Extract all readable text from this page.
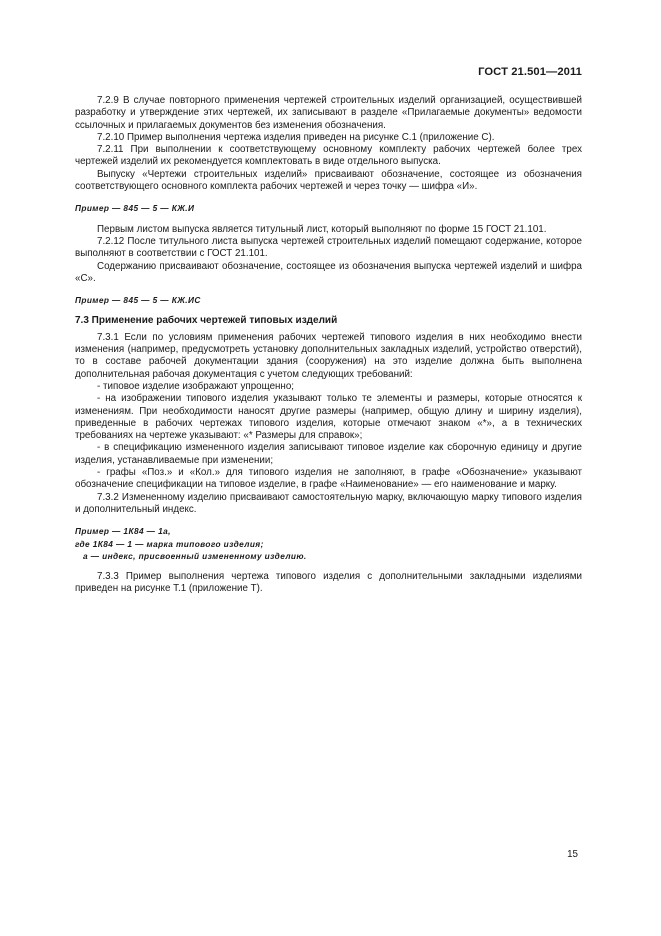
ГОСТ 21.501—2011

7.2.9 В случае повторного применения чертежей строительных изделий организацией, осуществившей разработку и утверждение этих чертежей, их записывают в разделе «Прилагаемые документы» ведомости ссылочных и прилагаемых документов без изменения обозначения.

7.2.10 Пример выполнения чертежа изделия приведен на рисунке С.1 (приложение С).

7.2.11 При выполнении к соответствующему основному комплекту рабочих чертежей более трех чертежей изделий их рекомендуется комплектовать в виде отдельного выпуска.

Выпуску «Чертежи строительных изделий» присваивают обозначение, состоящее из обозначения соответствующего основного комплекта рабочих чертежей и через точку — шифра «И».

Пример — 845 — 5 — КЖ.И

Первым листом выпуска является титульный лист, который выполняют по форме 15 ГОСТ 21.101.

7.2.12 После титульного листа выпуска чертежей строительных изделий помещают содержание, которое выполняют в соответствии с ГОСТ 21.101.

Содержанию присваивают обозначение, состоящее из обозначения выпуска чертежей изделий и шифра «С».

Пример — 845 — 5 — КЖ.ИС

7.3 Применение рабочих чертежей типовых изделий

7.3.1 Если по условиям применения рабочих чертежей типового изделия в них необходимо внести изменения (например, предусмотреть установку дополнительных закладных изделий, устройство отверстий), то в составе рабочей документации здания (сооружения) на это изделие должна быть выполнена дополнительная рабочая документация с учетом следующих требований:

- типовое изделие изображают упрощенно;

- на изображении типового изделия указывают только те элементы и размеры, которые относятся к изменениям. При необходимости наносят другие размеры (например, общую длину и ширину изделия), приведенные в рабочих чертежах типового изделия, которые отмечают знаком «*», а в технических требованиях на чертеже указывают: «* Размеры для справок»;

- в спецификацию измененного изделия записывают типовое изделие как сборочную единицу и другие изделия, устанавливаемые при изменении;

- графы «Поз.» и «Кол.» для типового изделия не заполняют, в графе «Обозначение» указывают обозначение спецификации на типовое изделие, в графе «Наименование» — его наименование и марку.

7.3.2 Измененному изделию присваивают самостоятельную марку, включающую марку типового изделия и дополнительный индекс.

Пример — 1К84 — 1а,

где 1К84 — 1 — марка типового изделия;

а — индекс, присвоенный измененному изделию.

7.3.3 Пример выполнения чертежа типового изделия с дополнительными закладными изделиями приведен на рисунке Т.1 (приложение Т).

15
